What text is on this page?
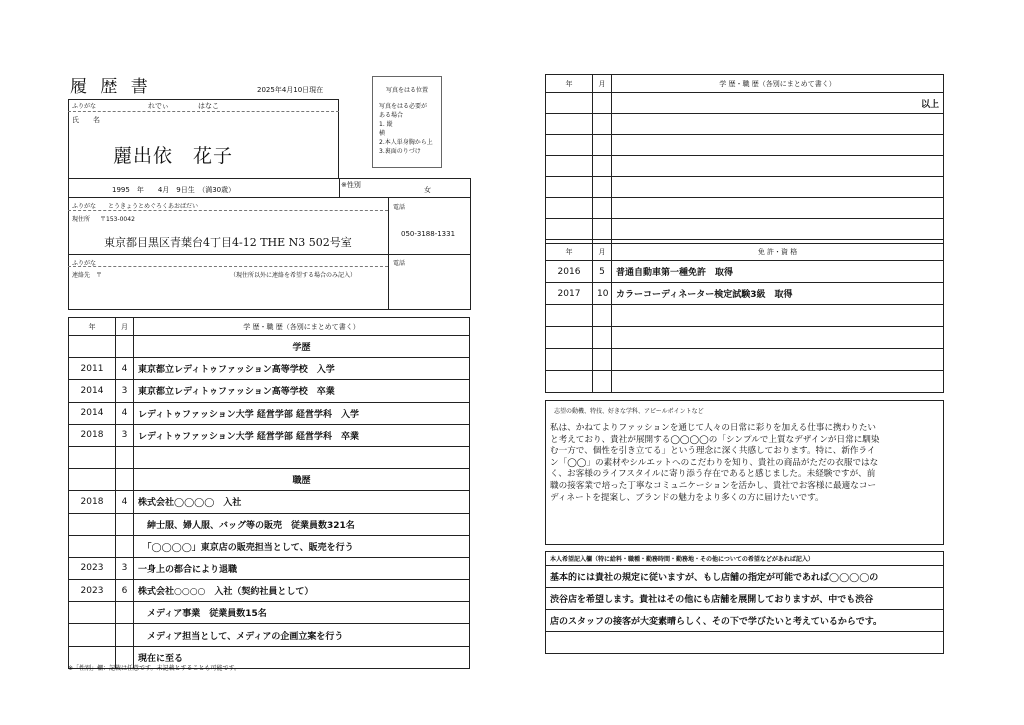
履 歴 書	2025年4月10日現在	写真をはる位置
写真をはる必要が
ある場合
1. 縦
横
2.本人単身胸から上
3.裏面のりづけ
ふりがな	れでぃ	はなこ
氏　　名
麗出依　花子
1995　年　　4月　9日生　（満30歳）
※性別
女
ふりがな　　とうきょうとめぐろくあおばだい
現住所 〒153-0042
東京都目黒区青葉台4丁目4-12 THE N3 502号室
電話
050-3188-1331
ふりがな
連絡先　〒	（現住所以外に連絡を希望する場合のみ記入）
電話
年	月	学 歴・職 歴（各別にまとめて書く）
		学歴
2011	4	東京都立レディトゥファッション高等学校　入学
2014	3	東京都立レディトゥファッション高等学校　卒業
2014	4	レディトゥファッション大学 経営学部 経営学科　入学
2018	3	レディトゥファッション大学 経営学部 経営学科　卒業

		職歴
2018	4	株式会社◯◯◯◯　入社
		　紳士服、婦人服、バッグ等の販売　従業員数321名
		　「◯◯◯◯」東京店の販売担当として、販売を行う
2023	3	一身上の都合により退職
2023	6	株式会社○○○○　入社（契約社員として）
		　メディア事業　従業員数15名
		　メディア担当として、メディアの企画立案を行う
		現在に至る
※「性別」欄：記載は任意です。未記載とすることも可能です。
年	月	学 歴・職 歴（各別にまとめて書く）
		以上

年	月	免 許・資 格
2016	5	普通自動車第一種免許　取得
2017	10	カラーコーディネーター検定試験3級　取得

志望の動機、特技、好きな学科、アピールポイントなど
私は、かねてよりファッションを通じて人々の日常に彩りを加える仕事に携わりたい
と考えており、貴社が展開する◯◯◯◯の「シンプルで上質なデザインが日常に馴染
む一方で、個性を引き立てる」という理念に深く共感しております。特に、新作ライ
ン「◯◯」の素材やシルエットへのこだわりを知り、貴社の商品がただの衣服ではな
く、お客様のライフスタイルに寄り添う存在であると感じました。未経験ですが、前
職の接客業で培った丁寧なコミュニケーションを活かし、貴社でお客様に最適なコー
ディネートを提案し、ブランドの魅力をより多くの方に届けたいです。
本人希望記入欄（特に給料・職種・勤務時間・勤務地・その他についての希望などがあれば記入）
基本的には貴社の規定に従いますが、もし店舗の指定が可能であれば◯◯◯◯の
渋谷店を希望します。貴社はその他にも店舗を展開しておりますが、中でも渋谷
店のスタッフの接客が大変素晴らしく、その下で学びたいと考えているからです。
